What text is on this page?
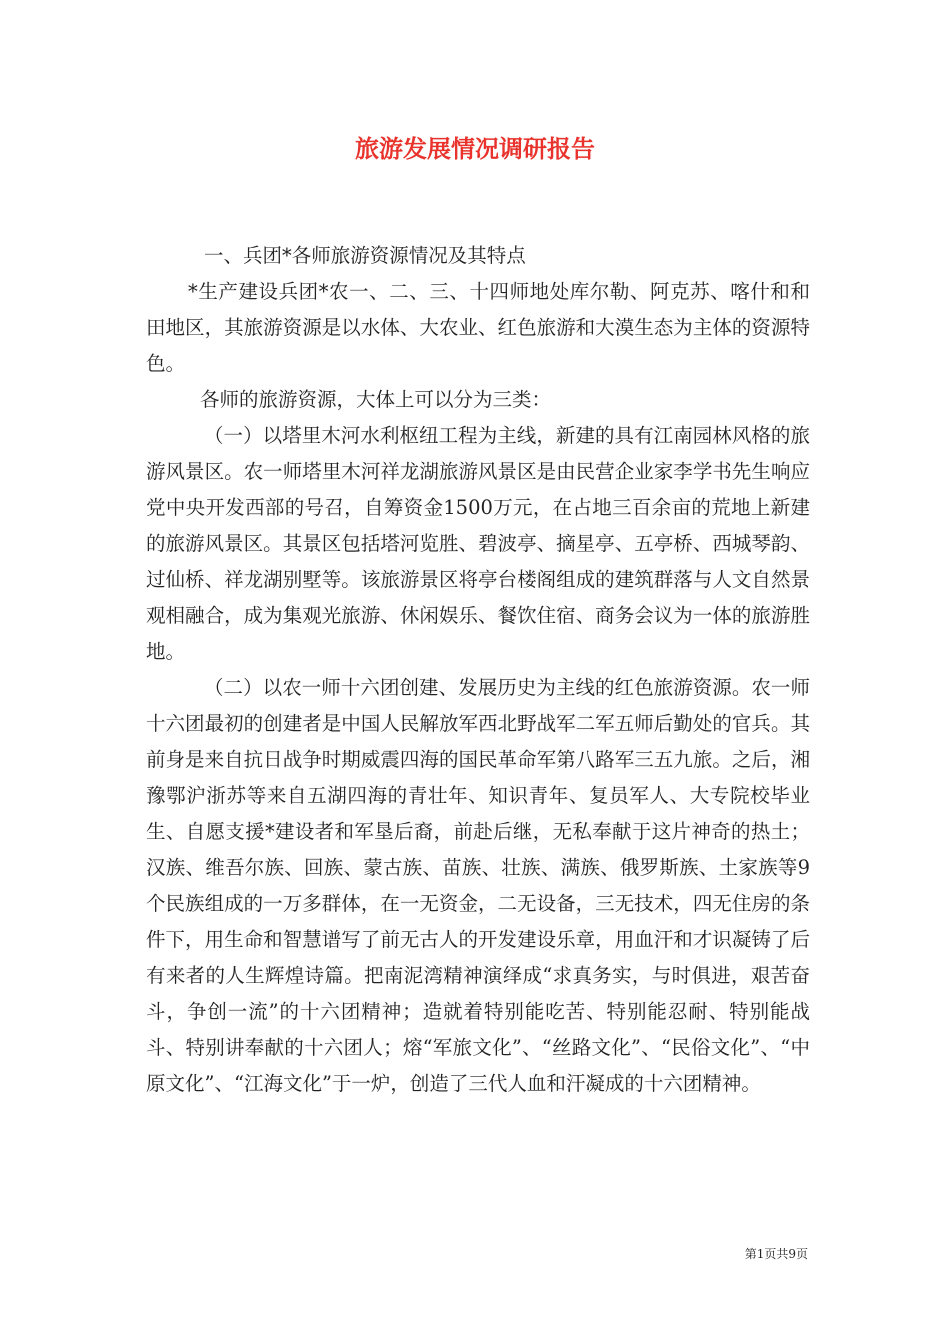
旅游发展情况调研报告

一、兵团*各师旅游资源情况及其特点

*生产建设兵团*农一、二、三、十四师地处库尔勒、阿克苏、喀什和和田地区，其旅游资源是以水体、大农业、红色旅游和大漠生态为主体的资源特色。

各师的旅游资源，大体上可以分为三类：

（一）以塔里木河水利枢纽工程为主线，新建的具有江南园林风格的旅游风景区。农一师塔里木河祥龙湖旅游风景区是由民营企业家李学书先生响应党中央开发西部的号召，自筹资金1500万元，在占地三百余亩的荒地上新建的旅游风景区。其景区包括塔河览胜、碧波亭、摘星亭、五亭桥、西城琴韵、过仙桥、祥龙湖别墅等。该旅游景区将亭台楼阁组成的建筑群落与人文自然景观相融合，成为集观光旅游、休闲娱乐、餐饮住宿、商务会议为一体的旅游胜地。

（二）以农一师十六团创建、发展历史为主线的红色旅游资源。农一师十六团最初的创建者是中国人民解放军西北野战军二军五师后勤处的官兵。其前身是来自抗日战争时期威震四海的国民革命军第八路军三五九旅。之后，湘豫鄂沪浙苏等来自五湖四海的青壮年、知识青年、复员军人、大专院校毕业生、自愿支援*建设者和军垦后裔，前赴后继，无私奉献于这片神奇的热土；汉族、维吾尔族、回族、蒙古族、苗族、壮族、满族、俄罗斯族、土家族等9个民族组成的一万多群体，在一无资金，二无设备，三无技术，四无住房的条件下，用生命和智慧谱写了前无古人的开发建设乐章，用血汗和才识凝铸了后有来者的人生辉煌诗篇。把南泥湾精神演绎成“求真务实，与时俱进，艰苦奋斗，争创一流”的十六团精神；造就着特别能吃苦、特别能忍耐、特别能战斗、特别讲奉献的十六团人；熔“军旅文化”、“丝路文化”、“民俗文化”、“中原文化”、“江海文化”于一炉，创造了三代人血和汗凝成的十六团精神。

第1页共9页
